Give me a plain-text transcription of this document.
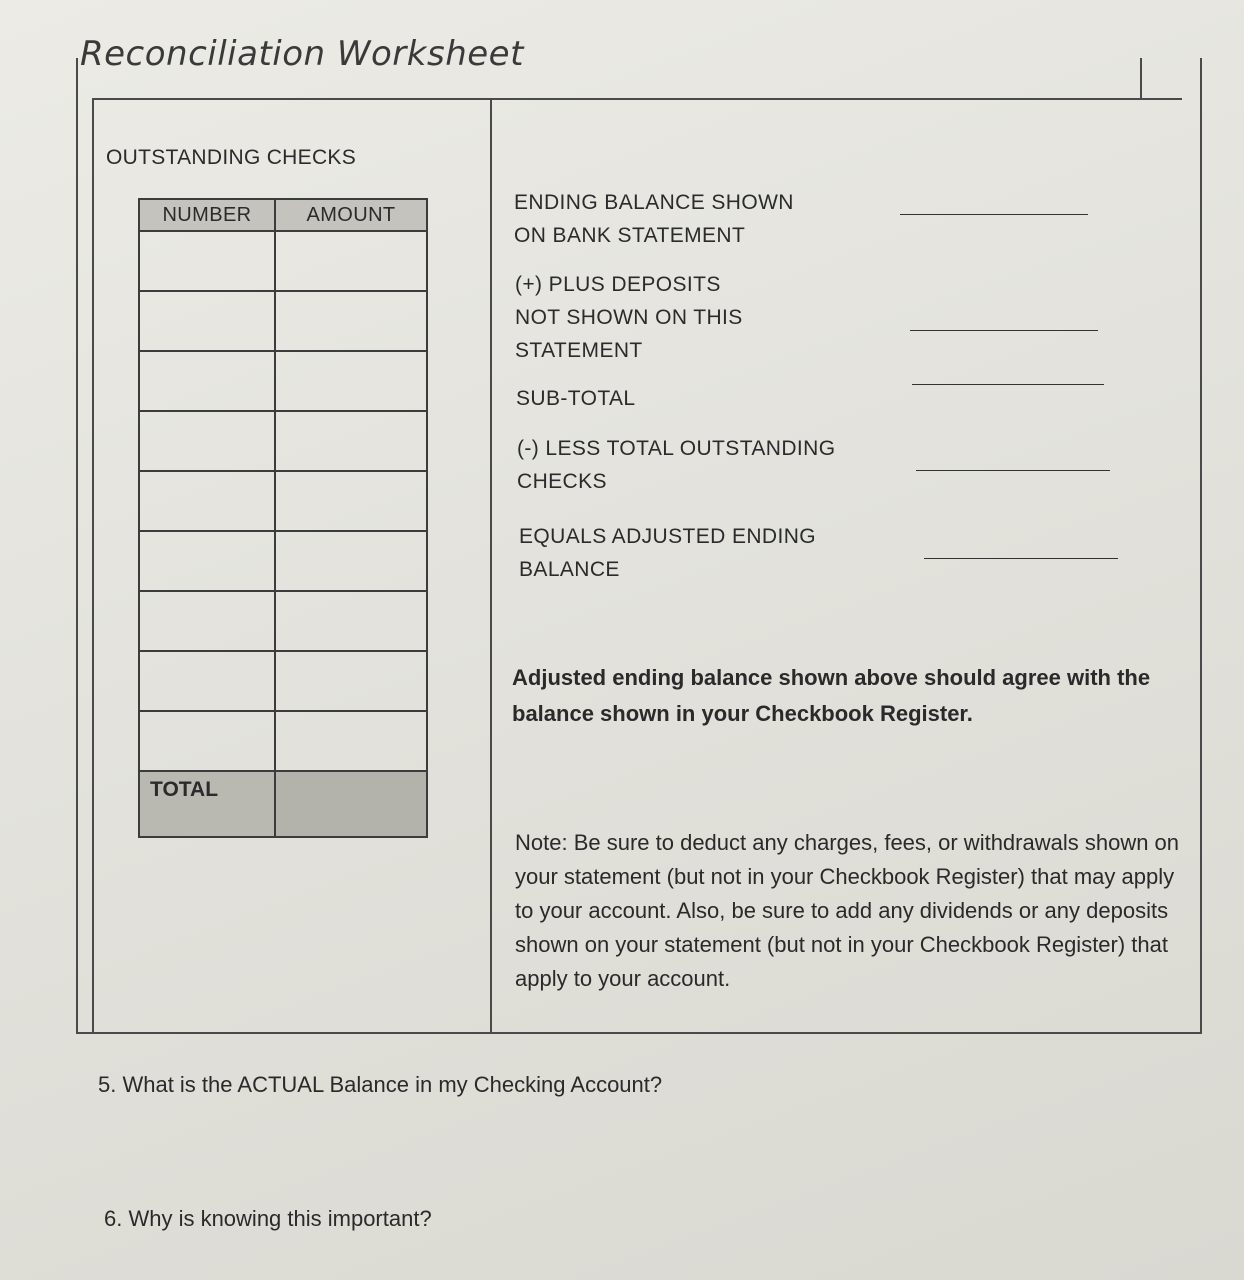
Reconciliation Worksheet
OUTSTANDING CHECKS
NUMBER	AMOUNT

TOTAL	
ENDING BALANCE SHOWN
ON BANK STATEMENT
(+) PLUS DEPOSITS
NOT SHOWN ON THIS
STATEMENT
SUB-TOTAL
(-) LESS TOTAL OUTSTANDING
CHECKS
EQUALS ADJUSTED ENDING
BALANCE
Adjusted ending balance shown above should agree with the balance shown in your Checkbook Register.
Note: Be sure to deduct any charges, fees, or withdrawals shown on your statement (but not in your Checkbook Register) that may apply to your account. Also, be sure to add any dividends or any deposits shown on your statement (but not in your Checkbook Register) that apply to your account.
5. What is the ACTUAL Balance in my Checking Account?
6. Why is knowing this important?
